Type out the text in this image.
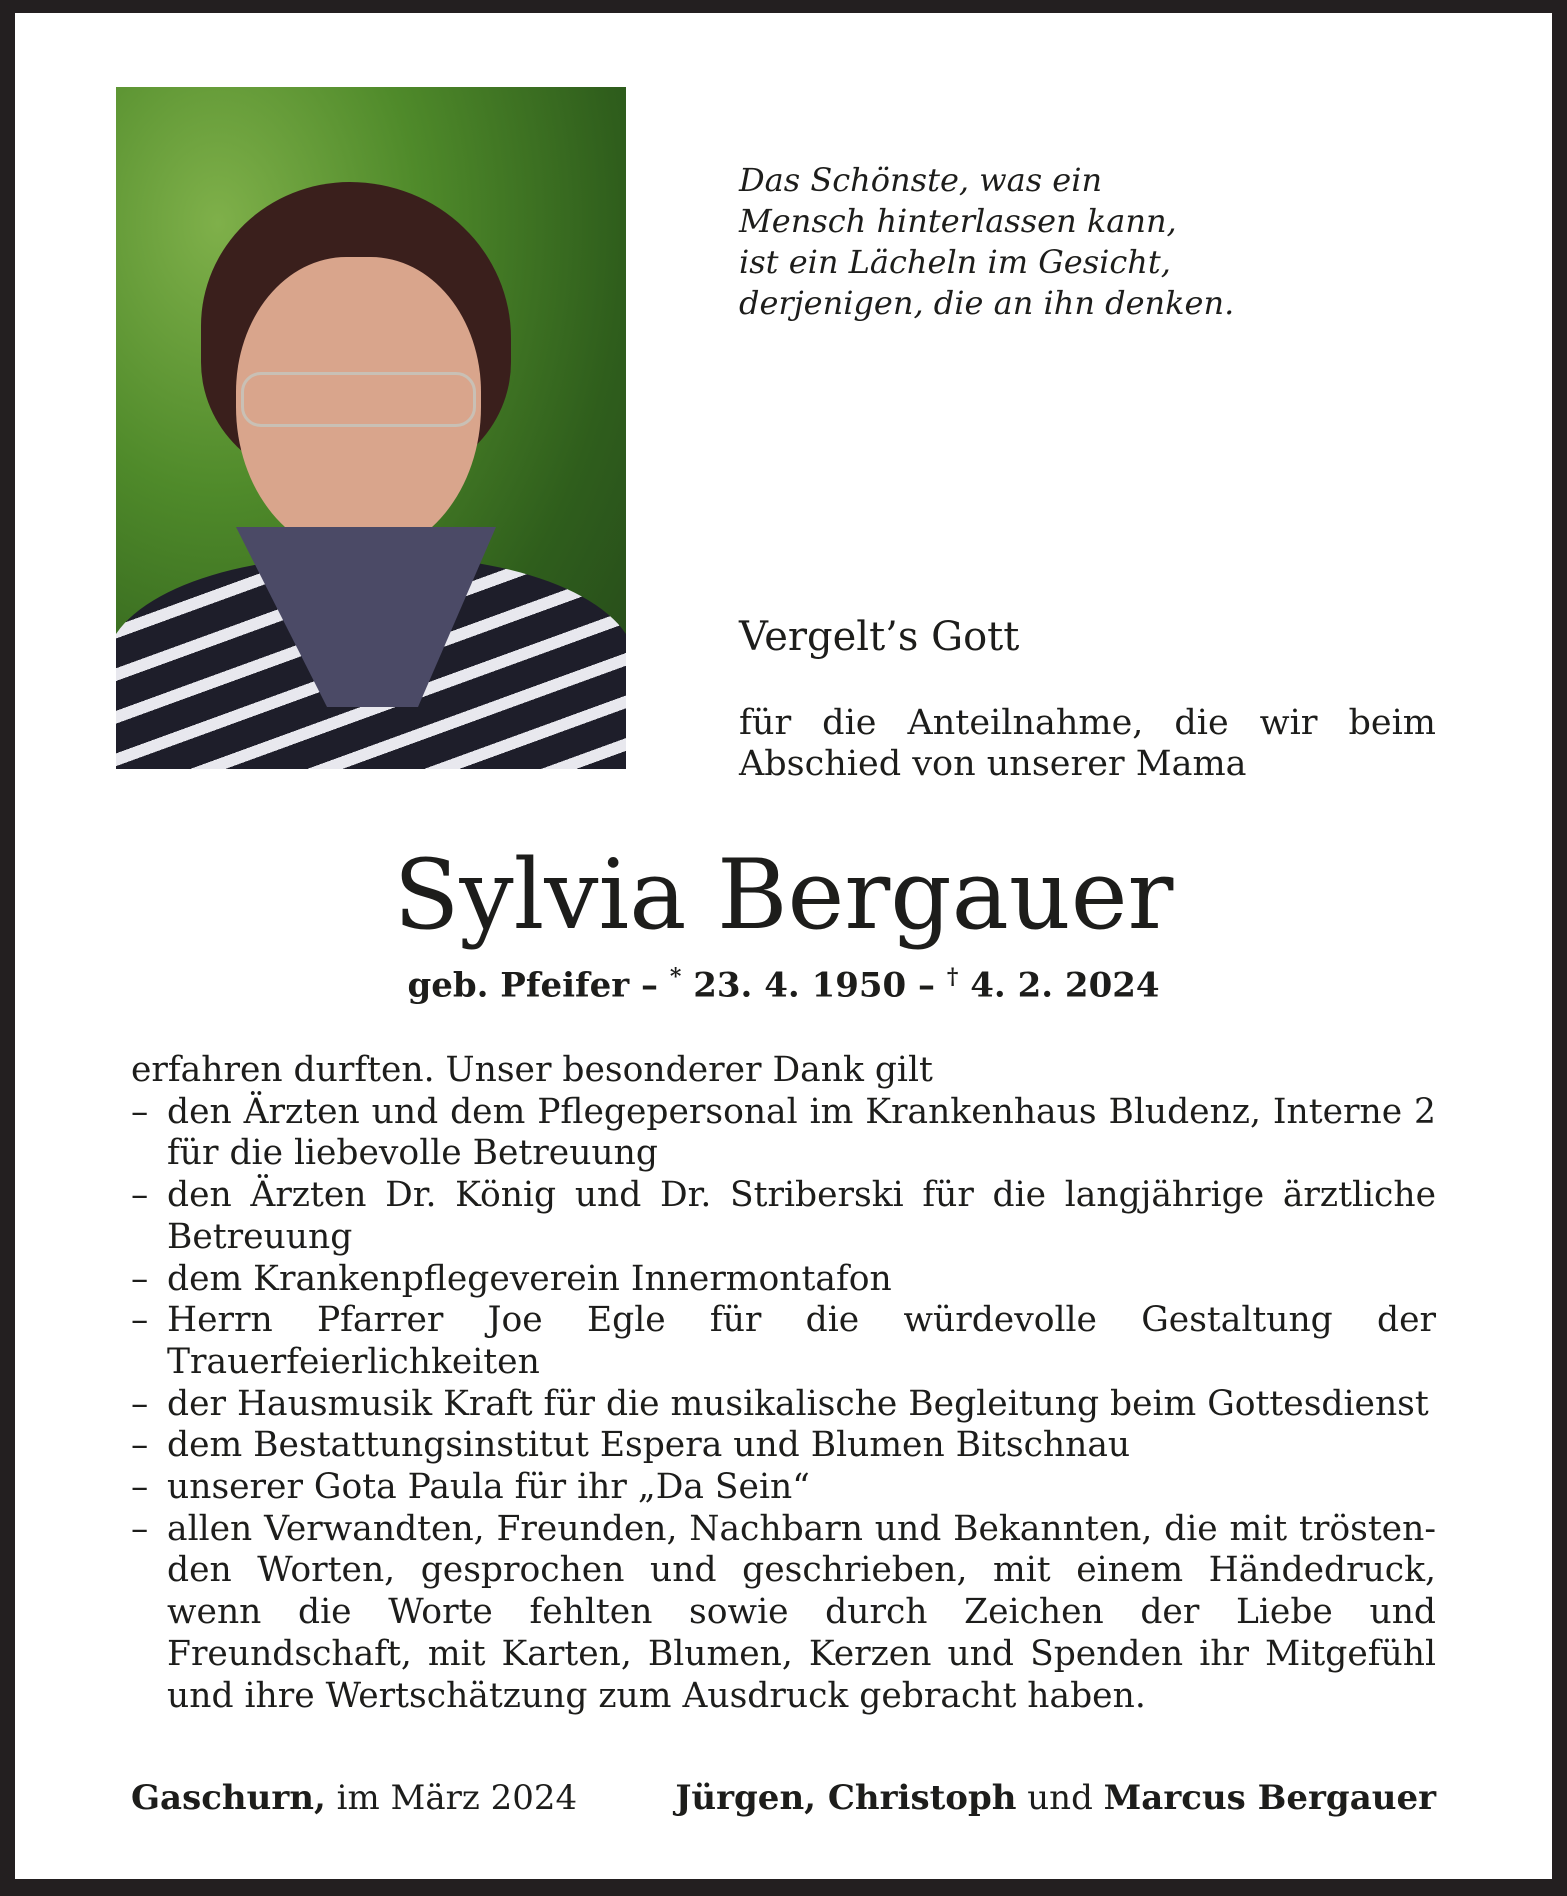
Das Schönste, was ein
Mensch hinterlassen kann,
ist ein Lächeln im Gesicht,
derjenigen, die an ihn denken.
Vergelt’s Gott
für die Anteilnahme, die wir beim
Abschied von unserer Mama
Sylvia Bergauer
geb. Pfeifer – * 23. 4. 1950 – † 4. 2. 2024
erfahren durften. Unser besonderer Dank gilt
– den Ärzten und dem Pflegepersonal im Krankenhaus Bludenz, Interne 2 für die liebevolle Betreuung
– den Ärzten Dr. König und Dr. Striberski für die langjährige ärztliche Betreuung
– dem Krankenpflegeverein Innermontafon
– Herrn Pfarrer Joe Egle für die würdevolle Gestaltung der Trauerfeierlichkeiten
– der Hausmusik Kraft für die musikalische Begleitung beim Gottesdienst
– dem Bestattungsinstitut Espera und Blumen Bitschnau
– unserer Gota Paula für ihr „Da Sein“
– allen Verwandten, Freunden, Nachbarn und Bekannten, die mit tröstenden Worten, gesprochen und geschrieben, mit einem Händedruck, wenn die Worte fehlten sowie durch Zeichen der Liebe und Freundschaft, mit Karten, Blumen, Kerzen und Spenden ihr Mitgefühl und ihre Wertschätzung zum Ausdruck gebracht haben.
Gaschurn, im März 2024	Jürgen, Christoph und Marcus Bergauer
